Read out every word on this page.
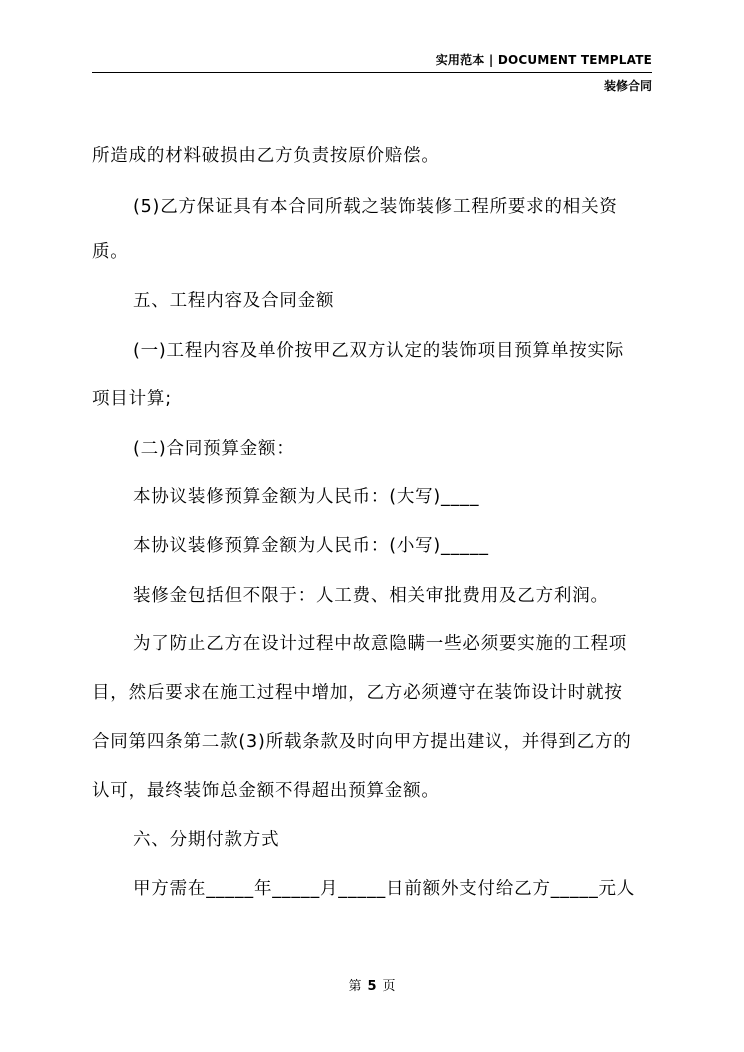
实用范本 | DOCUMENT TEMPLATE
装修合同
所造成的材料破损由乙方负责按原价赔偿。
(5)乙方保证具有本合同所载之装饰装修工程所要求的相关资
质。
五、工程内容及合同金额
(一)工程内容及单价按甲乙双方认定的装饰项目预算单按实际
项目计算;
(二)合同预算金额：
本协议装修预算金额为人民币：(大写)____
本协议装修预算金额为人民币：(小写)_____
装修金包括但不限于：人工费、相关审批费用及乙方利润。
为了防止乙方在设计过程中故意隐瞒一些必须要实施的工程项
目，然后要求在施工过程中增加，乙方必须遵守在装饰设计时就按
合同第四条第二款(3)所载条款及时向甲方提出建议，并得到乙方的
认可，最终装饰总金额不得超出预算金额。
六、分期付款方式
甲方需在_____年_____月_____日前额外支付给乙方_____元人
第 5 页
